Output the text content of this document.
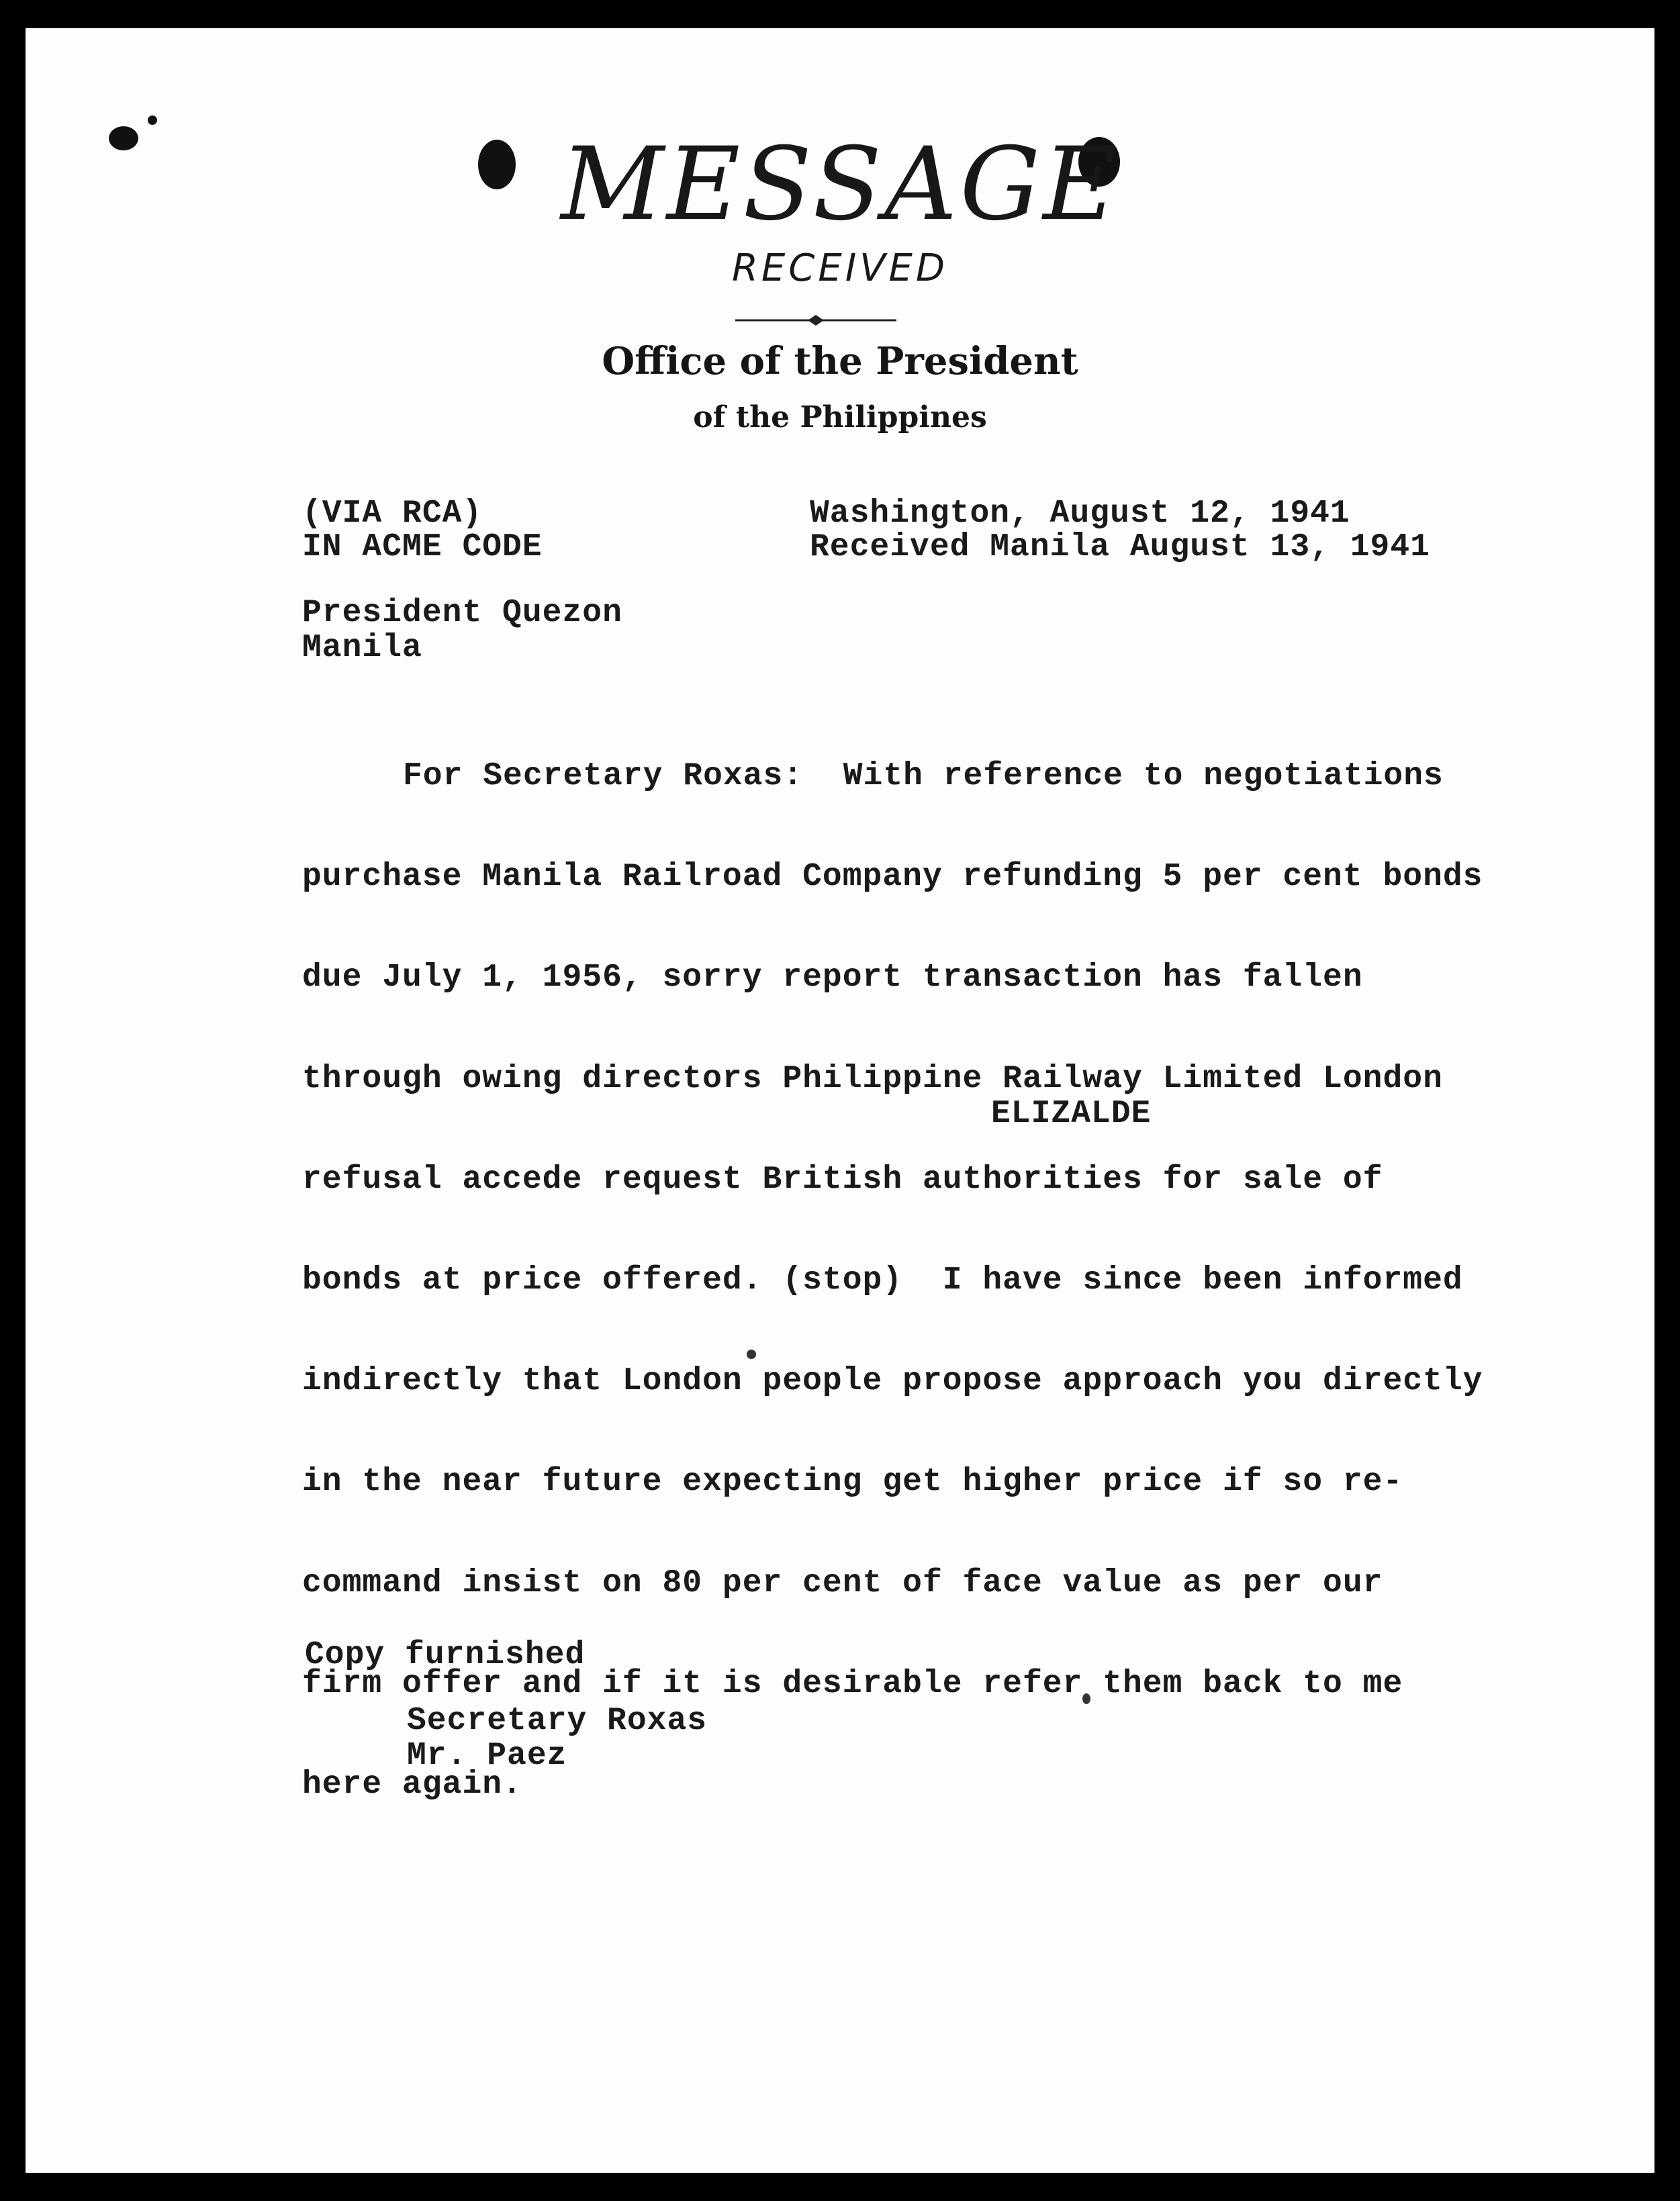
MESSAGE
RECEIVED
Office of the President
of the Philippines
(VIA RCA)
IN ACME CODE
Washington, August 12, 1941
Received Manila August 13, 1941
President Quezon
Manila

For Secretary Roxas:  With reference to negotiations

purchase Manila Railroad Company refunding 5 per cent bonds

due July 1, 1956, sorry report transaction has fallen

through owing directors Philippine Railway Limited London

refusal accede request British authorities for sale of

bonds at price offered. (stop)  I have since been informed

indirectly that London people propose approach you directly

in the near future expecting get higher price if so re-

command insist on 80 per cent of face value as per our

firm offer and if it is desirable refer them back to me

here again.

ELIZALDE
Copy furnished
Secretary Roxas
Mr. Paez
